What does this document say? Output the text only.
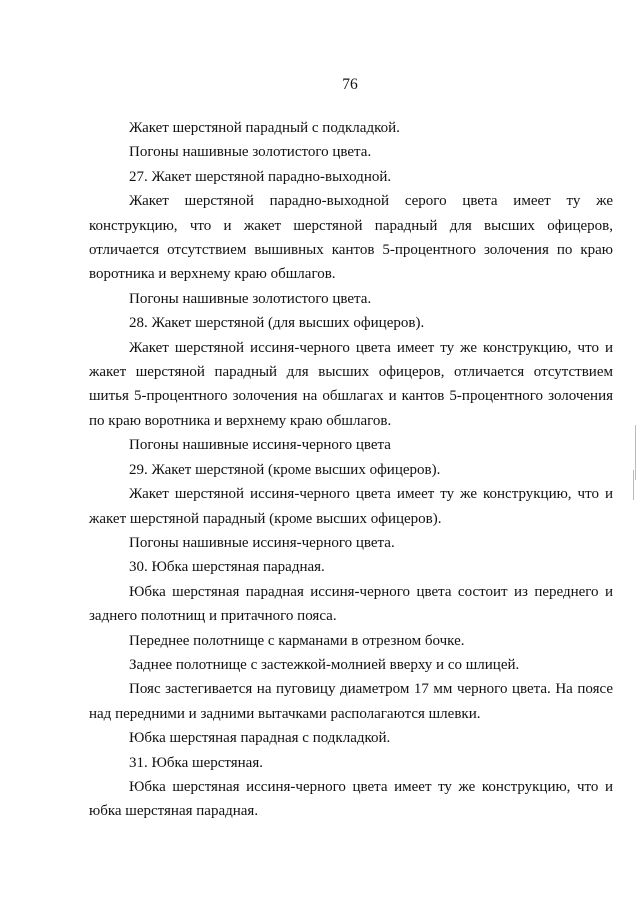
76

Жакет шерстяной парадный с подкладкой.

Погоны нашивные золотистого цвета.

27. Жакет шерстяной парадно-выходной.

Жакет шерстяной парадно-выходной серого цвета имеет ту же конструкцию, что и жакет шерстяной парадный для высших офицеров, отличается отсутствием вышивных кантов 5-процентного золочения по краю воротника и верхнему краю обшлагов.

Погоны нашивные золотистого цвета.

28. Жакет шерстяной (для высших офицеров).

Жакет шерстяной иссиня-черного цвета имеет ту же конструкцию, что и жакет шерстяной парадный для высших офицеров, отличается отсутствием шитья 5-процентного золочения на обшлагах и кантов 5-процентного золочения по краю воротника и верхнему краю обшлагов.

Погоны нашивные иссиня-черного цвета

29. Жакет шерстяной (кроме высших офицеров).

Жакет шерстяной иссиня-черного цвета имеет ту же конструкцию, что и жакет шерстяной парадный (кроме высших офицеров).

Погоны нашивные иссиня-черного цвета.

30. Юбка шерстяная парадная.

Юбка шерстяная парадная иссиня-черного цвета состоит из переднего и заднего полотнищ и притачного пояса.

Переднее полотнище с карманами в отрезном бочке.

Заднее полотнище с застежкой-молнией вверху и со шлицей.

Пояс застегивается на пуговицу диаметром 17 мм черного цвета. На поясе над передними и задними вытачками располагаются шлевки.

Юбка шерстяная парадная с подкладкой.

31. Юбка шерстяная.

Юбка шерстяная иссиня-черного цвета имеет ту же конструкцию, что и юбка шерстяная парадная.
